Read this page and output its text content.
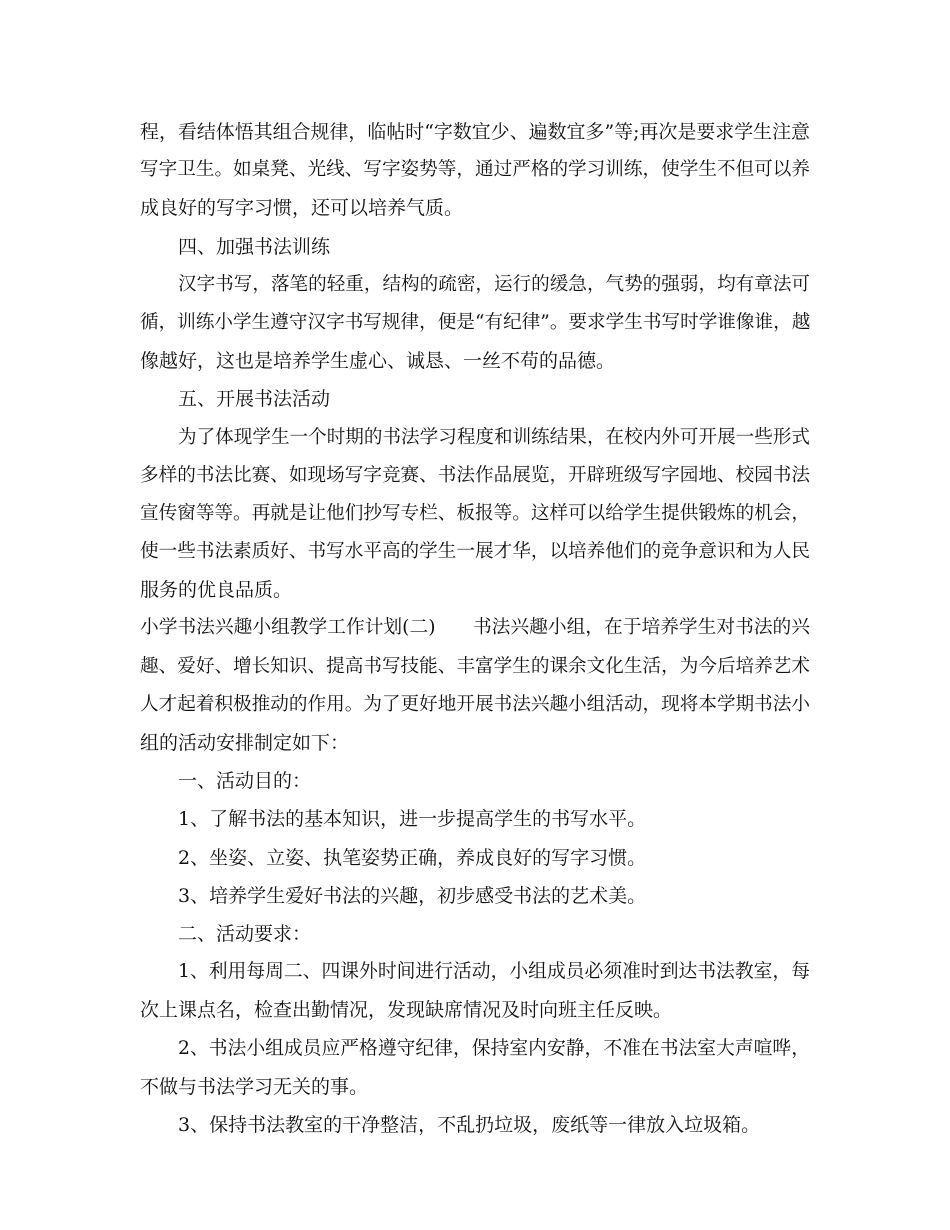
程，看结体悟其组合规律，临帖时“字数宜少、遍数宜多”等;再次是要求学生注意
写字卫生。如桌凳、光线、写字姿势等，通过严格的学习训练，使学生不但可以养
成良好的写字习惯，还可以培养气质。
四、加强书法训练
汉字书写，落笔的轻重，结构的疏密，运行的缓急，气势的强弱，均有章法可
循，训练小学生遵守汉字书写规律，便是“有纪律”。要求学生书写时学谁像谁，越
像越好，这也是培养学生虚心、诚恳、一丝不苟的品德。
五、开展书法活动
为了体现学生一个时期的书法学习程度和训练结果，在校内外可开展一些形式
多样的书法比赛、如现场写字竞赛、书法作品展览，开辟班级写字园地、校园书法
宣传窗等等。再就是让他们抄写专栏、板报等。这样可以给学生提供锻炼的机会，
使一些书法素质好、书写水平高的学生一展才华，以培养他们的竞争意识和为人民
服务的优良品质。
小学书法兴趣小组教学工作计划(二)　　书法兴趣小组，在于培养学生对书法的兴
趣、爱好、增长知识、提高书写技能、丰富学生的课余文化生活，为今后培养艺术
人才起着积极推动的作用。为了更好地开展书法兴趣小组活动，现将本学期书法小
组的活动安排制定如下：
一、活动目的：
1、了解书法的基本知识，进一步提高学生的书写水平。
2、坐姿、立姿、执笔姿势正确，养成良好的写字习惯。
3、培养学生爱好书法的兴趣，初步感受书法的艺术美。
二、活动要求：
1、利用每周二、四课外时间进行活动，小组成员必须准时到达书法教室，每
次上课点名，检查出勤情况，发现缺席情况及时向班主任反映。
2、书法小组成员应严格遵守纪律，保持室内安静，不准在书法室大声喧哗，
不做与书法学习无关的事。
3、保持书法教室的干净整洁，不乱扔垃圾，废纸等一律放入垃圾箱。
